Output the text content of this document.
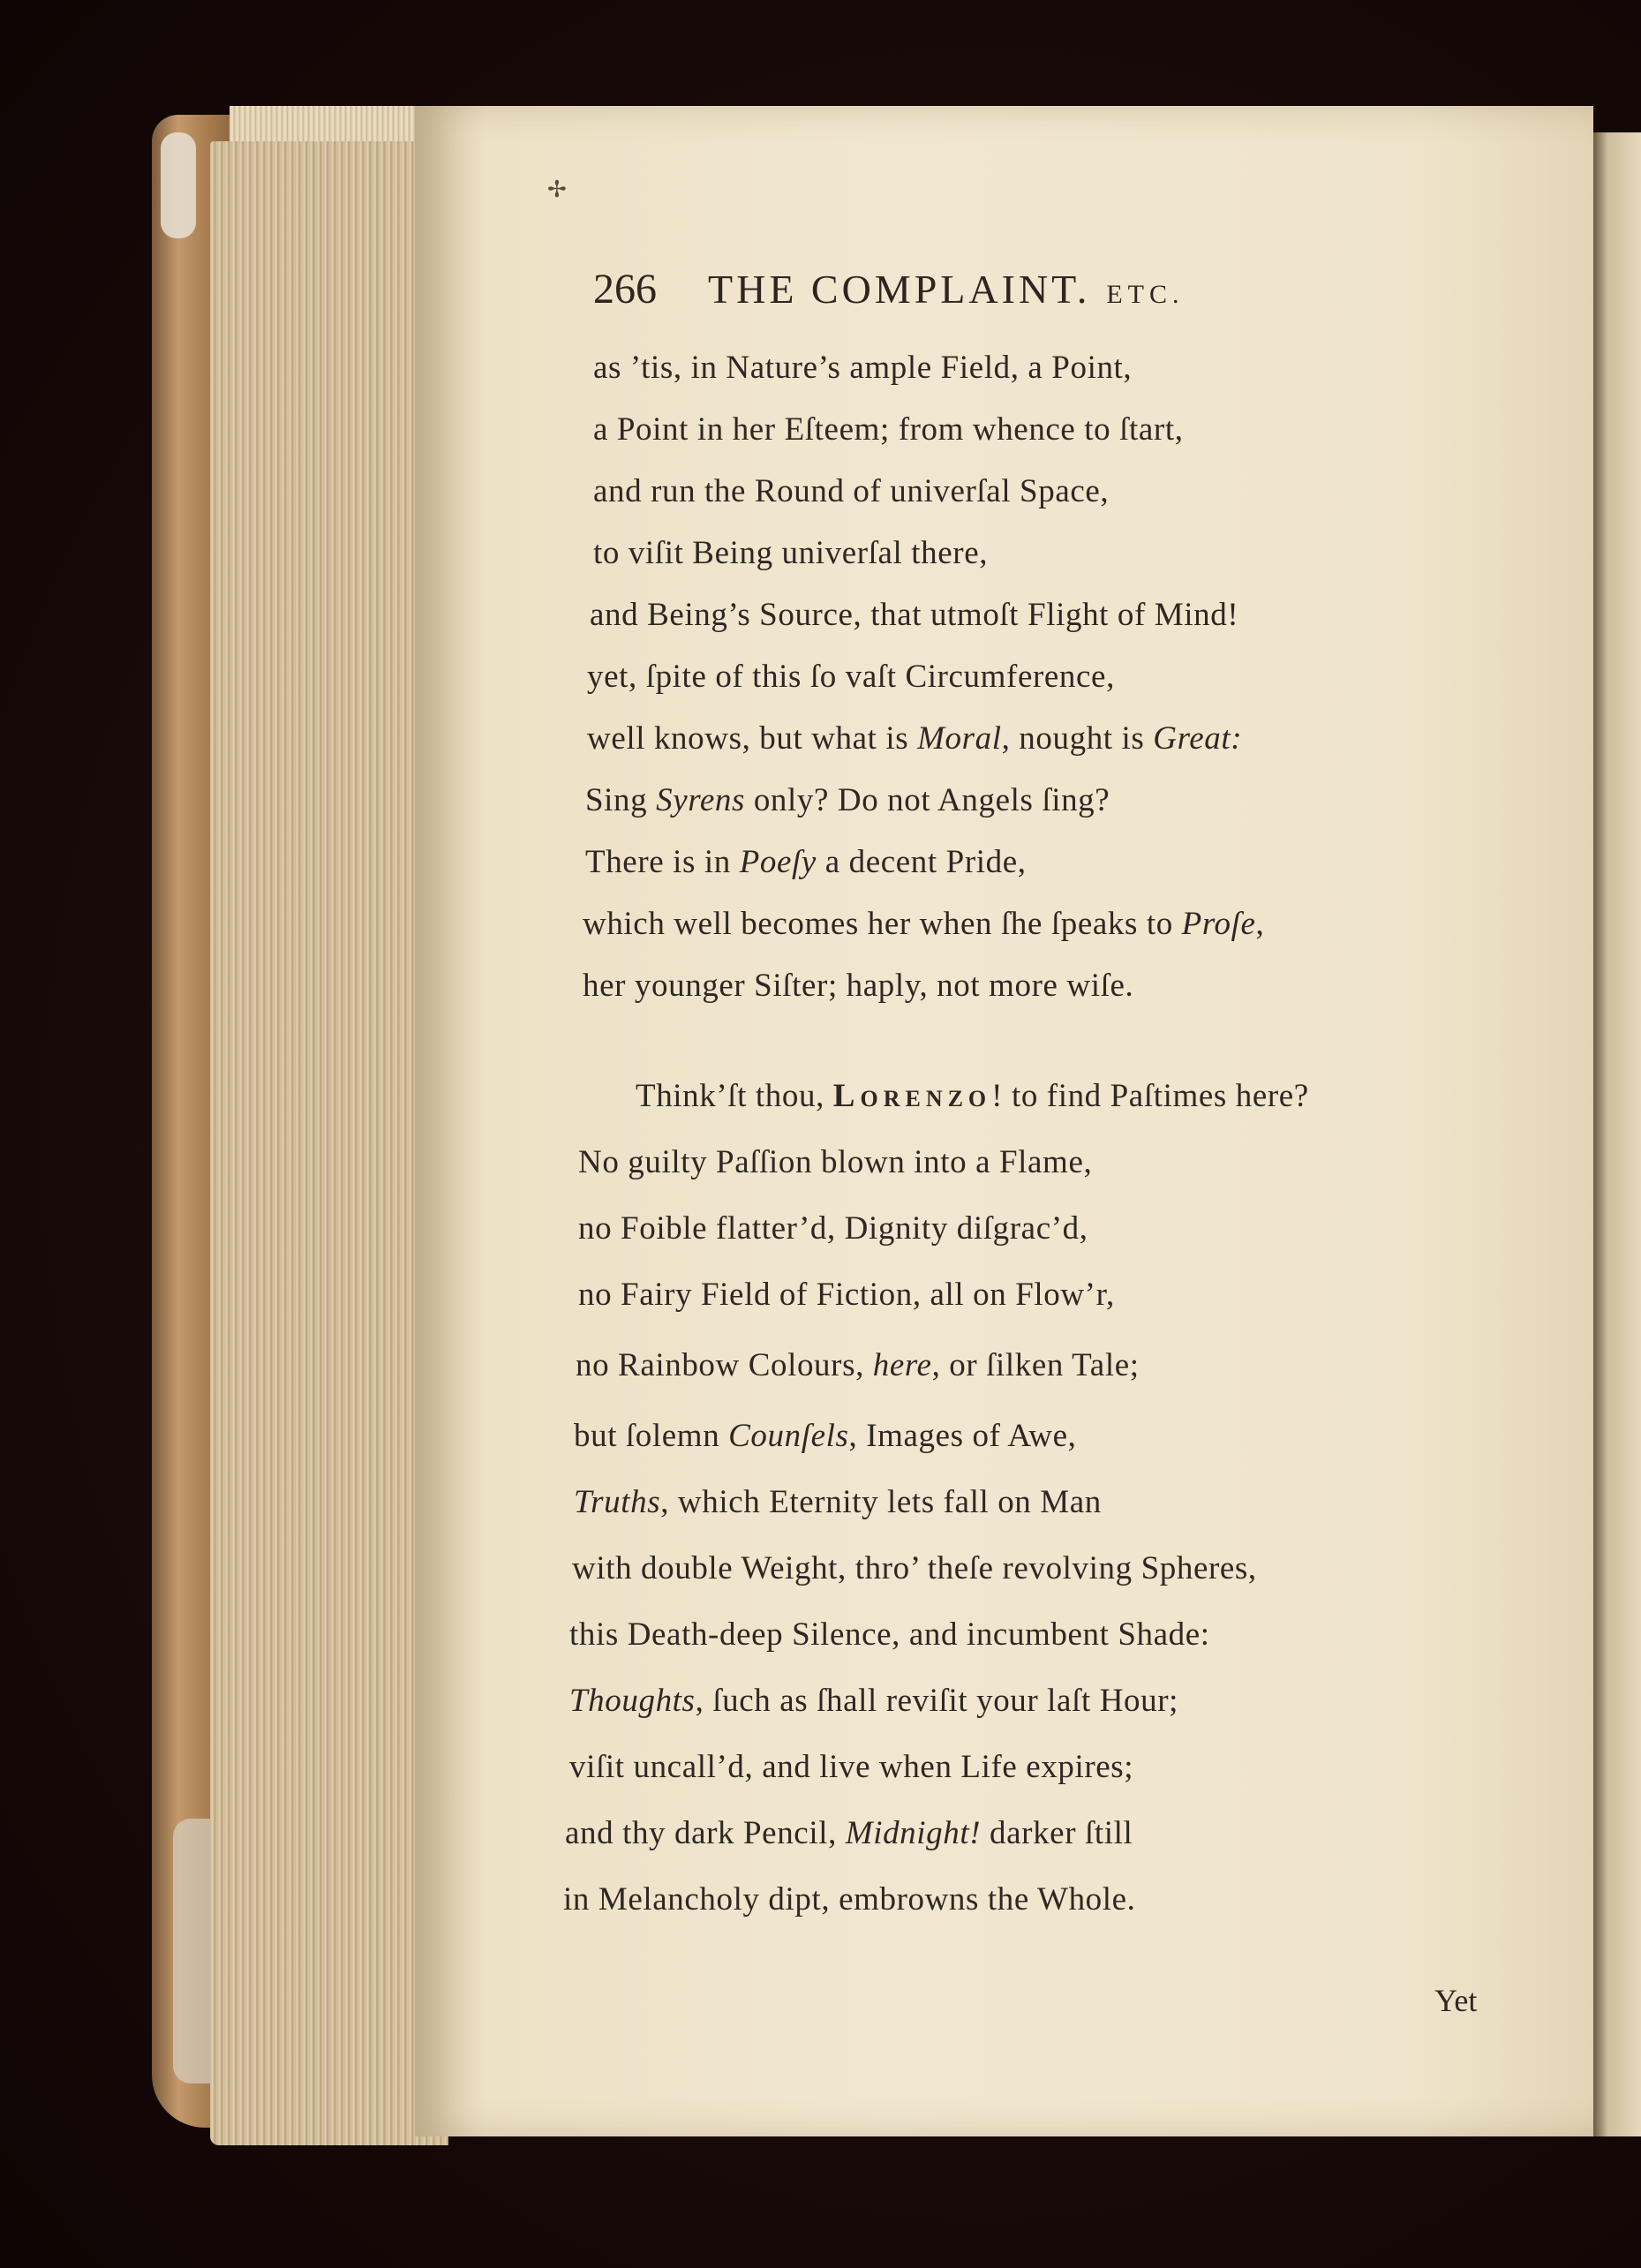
✢
266 THE COMPLAINT. ETC.
as ’tis, in Nature’s ample Field, a Point,
a Point in her Eſteem; from whence to ſtart,
and run the Round of univerſal Space,
to viſit Being univerſal there,
and Being’s Source, that utmoſt Flight of Mind!
yet, ſpite of this ſo vaſt Circumference,
well knows, but what is Moral, nought is Great:
Sing Syrens only? Do not Angels ſing?
There is in Poeſy a decent Pride,
which well becomes her when ſhe ſpeaks to Proſe,
her younger Siſter; haply, not more wiſe.
Think’ſt thou, Lorenzo! to find Paſtimes here?
No guilty Paſſion blown into a Flame,
no Foible flatter’d, Dignity diſgrac’d,
no Fairy Field of Fiction, all on Flow’r,
no Rainbow Colours, here, or ſilken Tale;
but ſolemn Counſels, Images of Awe,
Truths, which Eternity lets fall on Man
with double Weight, thro’ theſe revolving Spheres,
this Death-deep Silence, and incumbent Shade:
Thoughts, ſuch as ſhall reviſit your laſt Hour;
viſit uncall’d, and live when Life expires;
and thy dark Pencil, Midnight! darker ſtill
in Melancholy dipt, embrowns the Whole.
Yet
